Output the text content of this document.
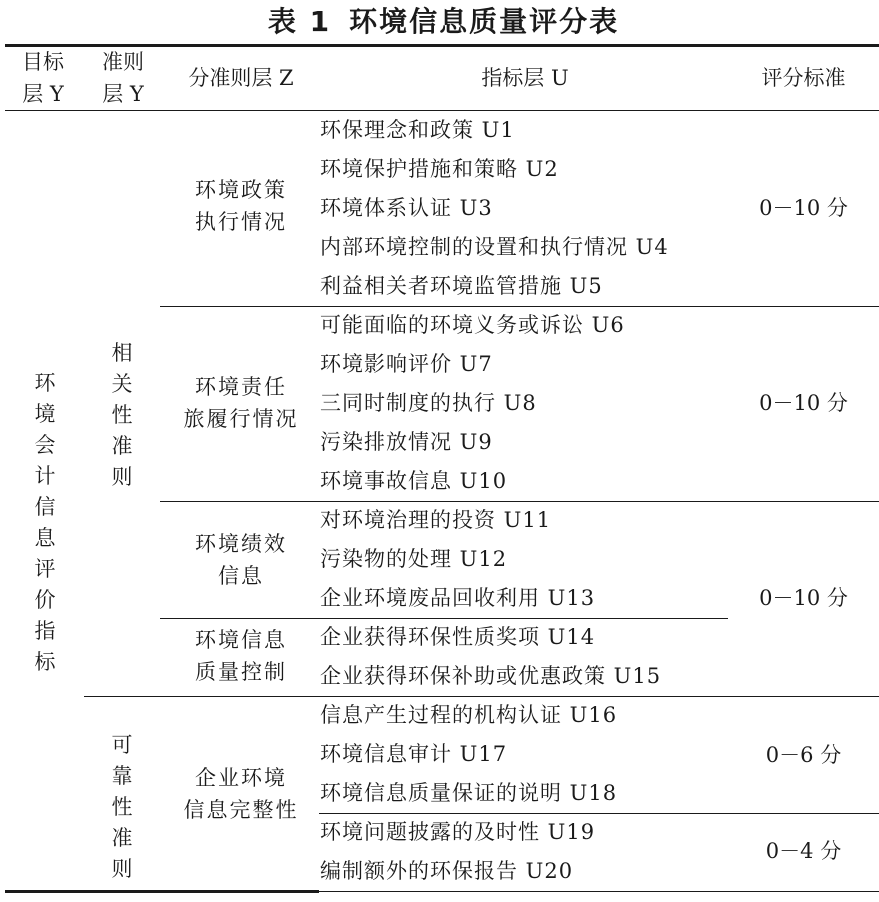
表 1 环境信息质量评分表
目标
层 Y
准则
层 Y
分准则层 Z	指标层 U	评分标准
环境会计信息评价指标
相关性准则
可靠性准则
环境政策
执行情况
环境责任
旅履行情况
环境绩效
信息
环境信息
质量控制
企业环境
信息完整性
环保理念和政策 U1
环境保护措施和策略 U2
环境体系认证 U3
内部环境控制的设置和执行情况 U4
利益相关者环境监管措施 U5
可能面临的环境义务或诉讼 U6
环境影响评价 U7
三同时制度的执行 U8
污染排放情况 U9
环境事故信息 U10
对环境治理的投资 U11
污染物的处理 U12
企业环境废品回收利用 U13
企业获得环保性质奖项 U14
企业获得环保补助或优惠政策 U15
信息产生过程的机构认证 U16
环境信息审计 U17
环境信息质量保证的说明 U18
环境问题披露的及时性 U19
编制额外的环保报告 U20
0－10 分
0－10 分
0－10 分
0－6 分
0－4 分
